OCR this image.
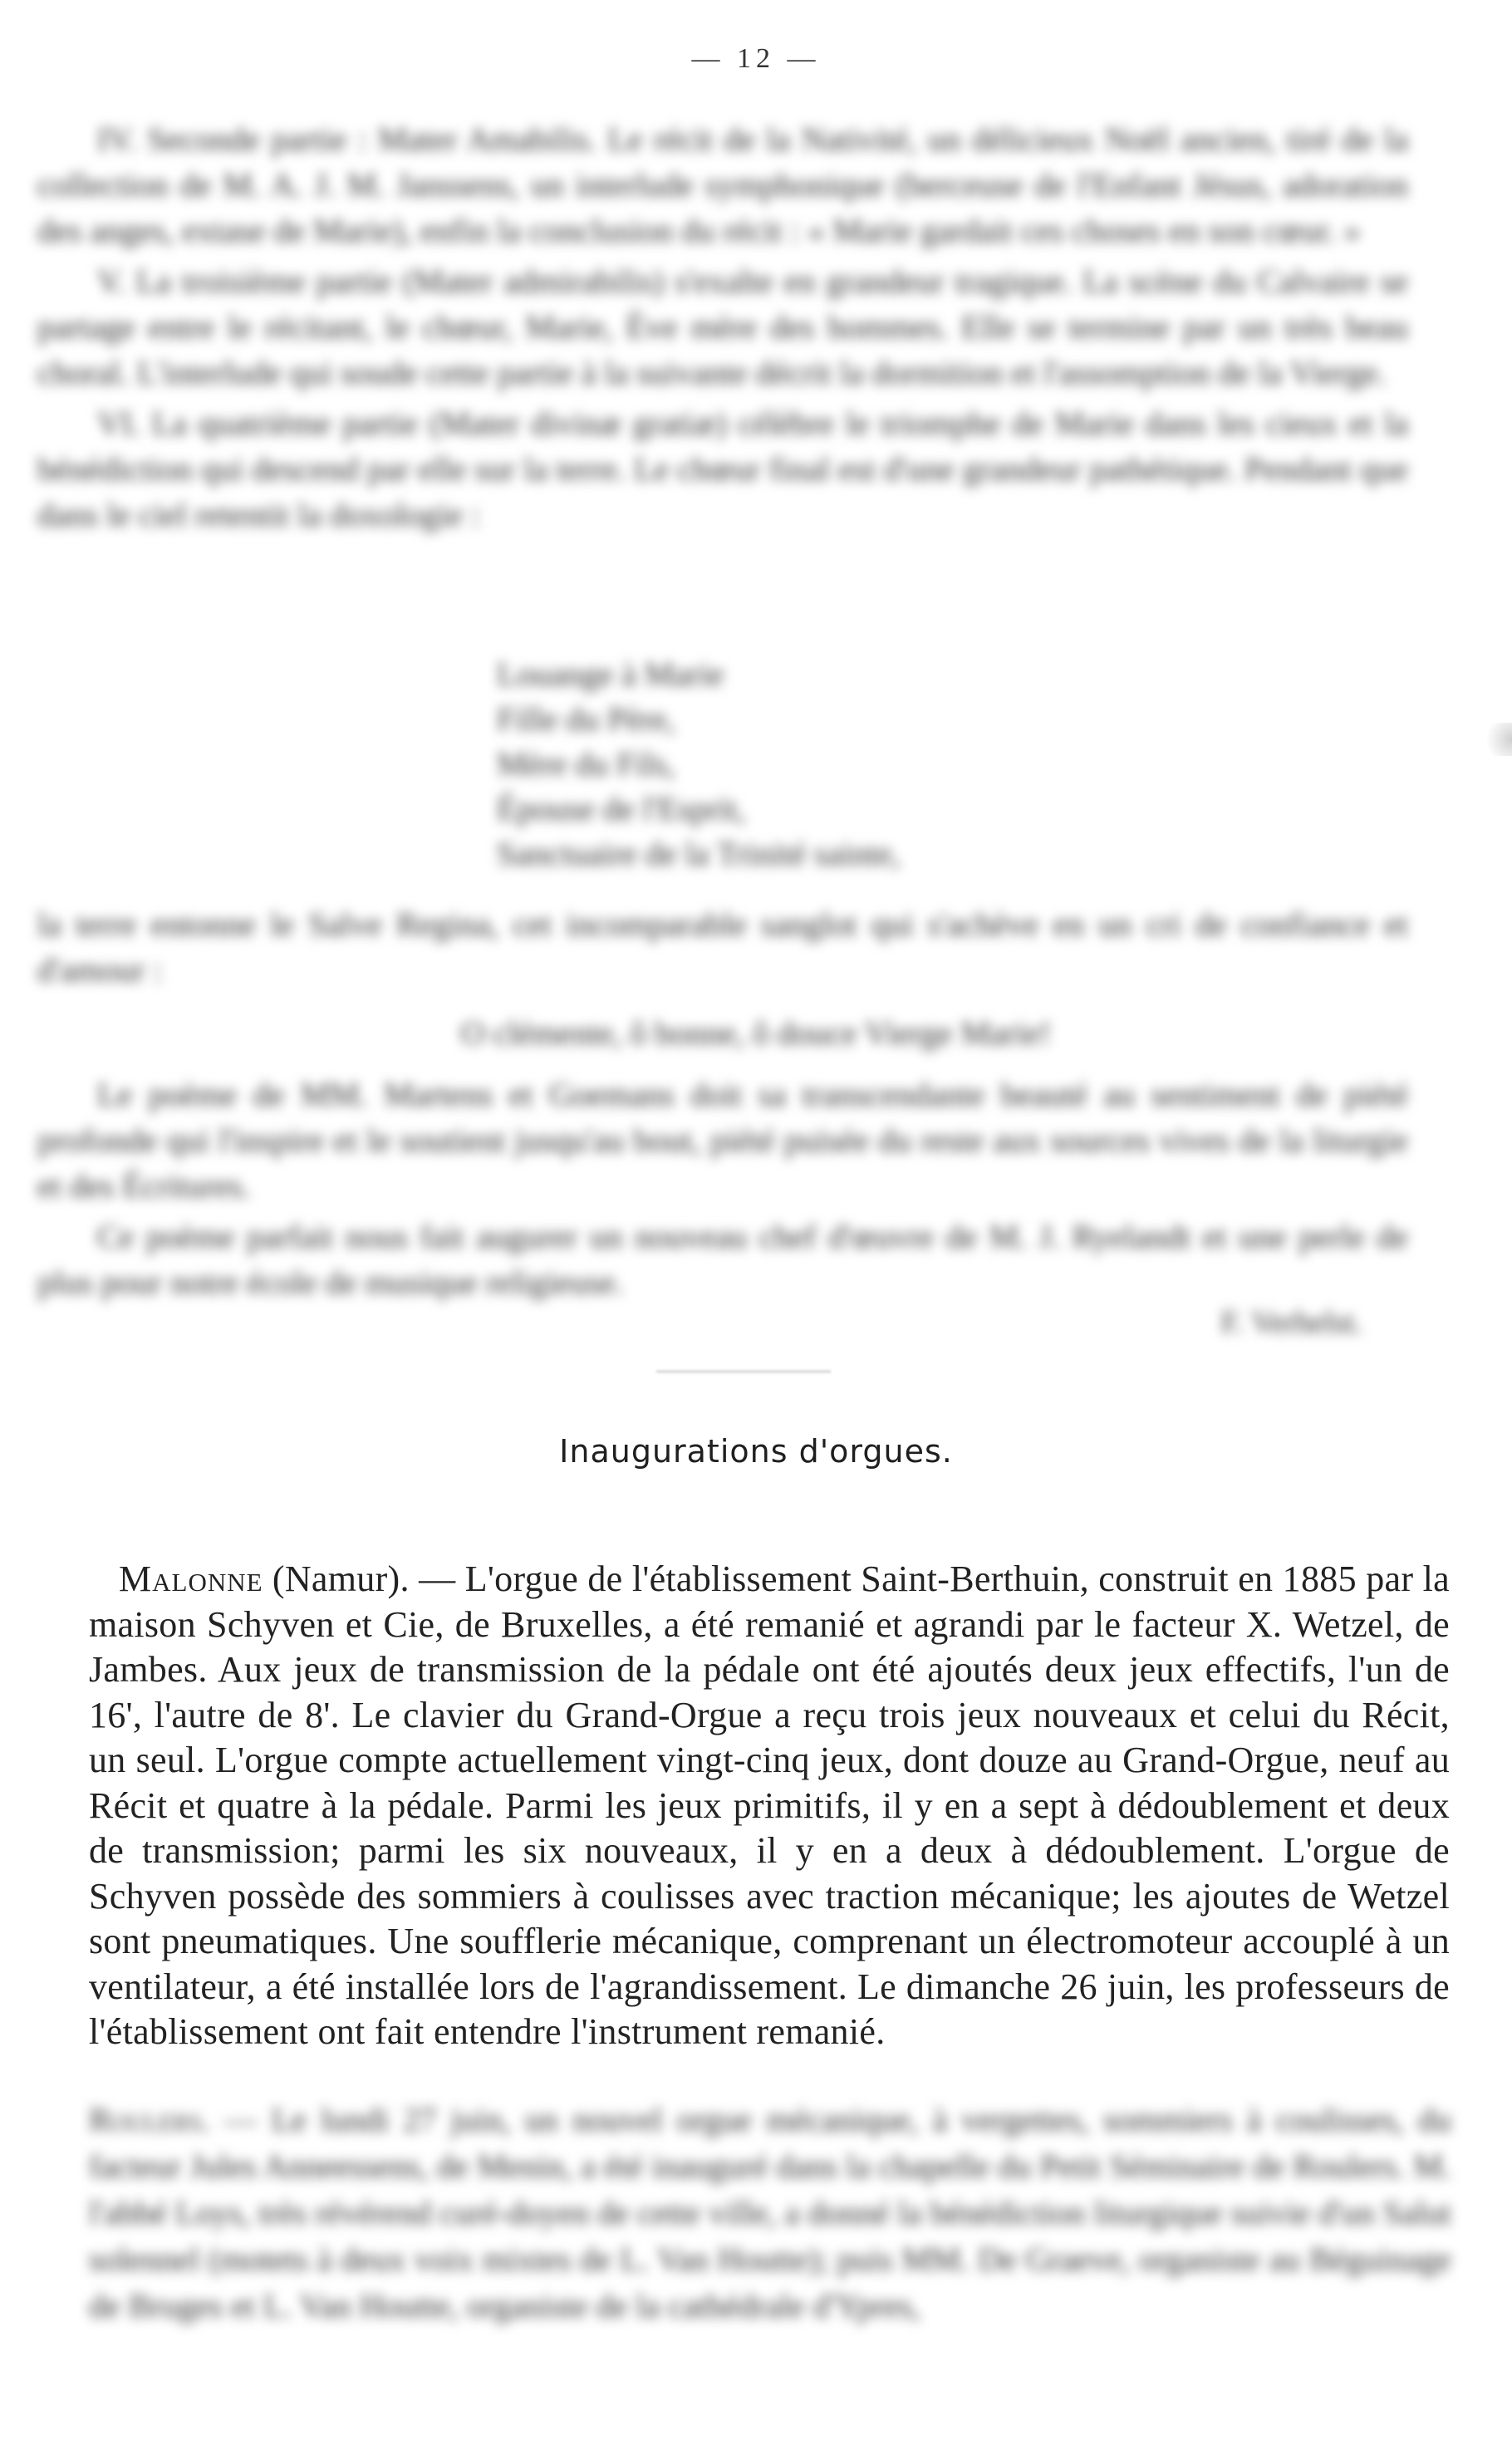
— 12 —

IV. Seconde partie : Mater Amabilis. Le récit de la Nativité, un délicieux Noël ancien, tiré de la collection de M. A. J. M. Janssens, un interlude symphonique (berceuse de l'Enfant Jésus, adoration des anges, extase de Marie), enfin la conclusion du récit : « Marie gardait ces choses en son cœur. »

V. La troisième partie (Mater admirabilis) s'exalte en grandeur tragique. La scène du Calvaire se partage entre le récitant, le chœur, Marie, Ève mère des hommes. Elle se termine par un très beau choral. L'interlude qui soude cette partie à la suivante décrit la dormition et l'assomption de la Vierge.

VI. La quatrième partie (Mater divinæ gratiæ) célèbre le triomphe de Marie dans les cieux et la bénédiction qui descend par elle sur la terre. Le chœur final est d'une grandeur pathétique. Pendant que dans le ciel retentit la doxologie :

Louange à Marie
Fille du Père,
Mère du Fils,
Épouse de l'Esprit,
Sanctuaire de la Trinité sainte,
la terre entonne le Salve Regina, cet incomparable sanglot qui s'achève en un cri de confiance et d'amour :
O clémente, ô bonne, ô douce Vierge Marie!

Le poème de MM. Martens et Goemans doit sa transcendante beauté au sentiment de piété profonde qui l'inspire et le soutient jusqu'au bout, piété puisée du reste aux sources vives de la liturgie et des Écritures.

Ce poème parfait nous fait augurer un nouveau chef d'œuvre de M. J. Ryelandt et une perle de plus pour notre école de musique religieuse.

F. Verhelst.
Inaugurations d'orgues.

Malonne (Namur). — L'orgue de l'établissement Saint-Berthuin, construit en 1885 par la maison Schyven et Cie, de Bruxelles, a été remanié et agrandi par le facteur X. Wetzel, de Jambes. Aux jeux de transmission de la pédale ont été ajoutés deux jeux effectifs, l'un de 16', l'autre de 8'. Le clavier du Grand-Orgue a reçu trois jeux nouveaux et celui du Récit, un seul. L'orgue compte actuellement vingt-cinq jeux, dont douze au Grand-Orgue, neuf au Récit et quatre à la pédale. Parmi les jeux primitifs, il y en a sept à dédoublement et deux de transmission; parmi les six nouveaux, il y en a deux à dédoublement. L'orgue de Schyven possède des sommiers à coulisses avec traction mécanique; les ajoutes de Wetzel sont pneumatiques. Une soufflerie mécanique, comprenant un électromoteur accouplé à un ventilateur, a été installée lors de l'agrandissement. Le dimanche 26 juin, les professeurs de l'établissement ont fait entendre l'instrument remanié.

Roulers. — Le lundi 27 juin, un nouvel orgue mécanique, à vergettes, sommiers à coulisses, du facteur Jules Anneessens, de Menin, a été inauguré dans la chapelle du Petit Séminaire de Roulers. M. l'abbé Loys, très révérend curé-doyen de cette ville, a donné la bénédiction liturgique suivie d'un Salut solennel (motets à deux voix mixtes de L. Van Houtte); puis MM. De Graeve, organiste au Béguinage de Bruges et L. Van Houtte, organiste de la cathédrale d'Ypres,
